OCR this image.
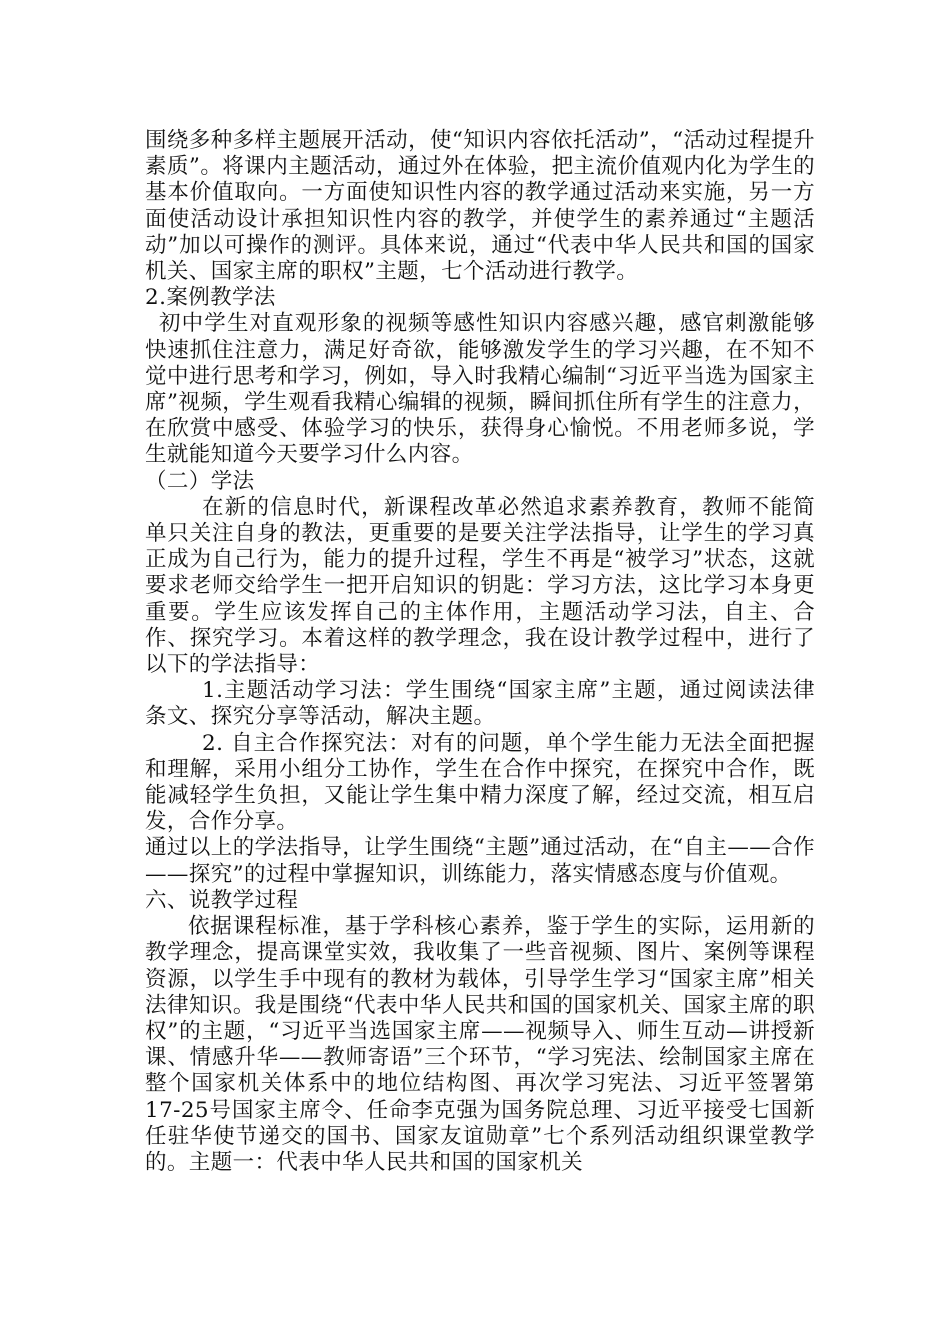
围绕多种多样主题展开活动，使“知识内容依托活动”，“活动过程提升素质”。将课内主题活动，通过外在体验，把主流价值观内化为学生的基本价值取向。一方面使知识性内容的教学通过活动来实施，另一方面使活动设计承担知识性内容的教学，并使学生的素养通过“主题活动”加以可操作的测评。具体来说，通过“代表中华人民共和国的国家机关、国家主席的职权”主题，七个活动进行教学。

2.案例教学法

初中学生对直观形象的视频等感性知识内容感兴趣，感官刺激能够快速抓住注意力，满足好奇欲，能够激发学生的学习兴趣，在不知不觉中进行思考和学习，例如，导入时我精心编制“习近平当选为国家主席”视频，学生观看我精心编辑的视频，瞬间抓住所有学生的注意力，在欣赏中感受、体验学习的快乐，获得身心愉悦。不用老师多说，学生就能知道今天要学习什么内容。

（二）学法

在新的信息时代，新课程改革必然追求素养教育，教师不能简单只关注自身的教法，更重要的是要关注学法指导，让学生的学习真正成为自己行为，能力的提升过程，学生不再是“被学习”状态，这就要求老师交给学生一把开启知识的钥匙：学习方法，这比学习本身更重要。学生应该发挥自己的主体作用，主题活动学习法，自主、合作、探究学习。本着这样的教学理念，我在设计教学过程中，进行了以下的学法指导：

1.主题活动学习法：学生围绕“国家主席”主题，通过阅读法律条文、探究分享等活动，解决主题。

2. 自主合作探究法：对有的问题，单个学生能力无法全面把握和理解，采用小组分工协作，学生在合作中探究，在探究中合作，既能减轻学生负担，又能让学生集中精力深度了解，经过交流，相互启发，合作分享。

通过以上的学法指导，让学生围绕“主题”通过活动，在“自主——合作——探究”的过程中掌握知识，训练能力，落实情感态度与价值观。

六、说教学过程

依据课程标准，基于学科核心素养，鉴于学生的实际，运用新的教学理念，提高课堂实效，我收集了一些音视频、图片、案例等课程资源，以学生手中现有的教材为载体，引导学生学习“国家主席”相关法律知识。我是围绕“代表中华人民共和国的国家机关、国家主席的职权”的主题，“习近平当选国家主席——视频导入、师生互动—讲授新课、情感升华——教师寄语”三个环节，“学习宪法、绘制国家主席在整个国家机关体系中的地位结构图、再次学习宪法、习近平签署第17-25号国家主席令、任命李克强为国务院总理、习近平接受七国新任驻华使节递交的国书、国家友谊勋章”七个系列活动组织课堂教学的。主题一：代表中华人民共和国的国家机关
